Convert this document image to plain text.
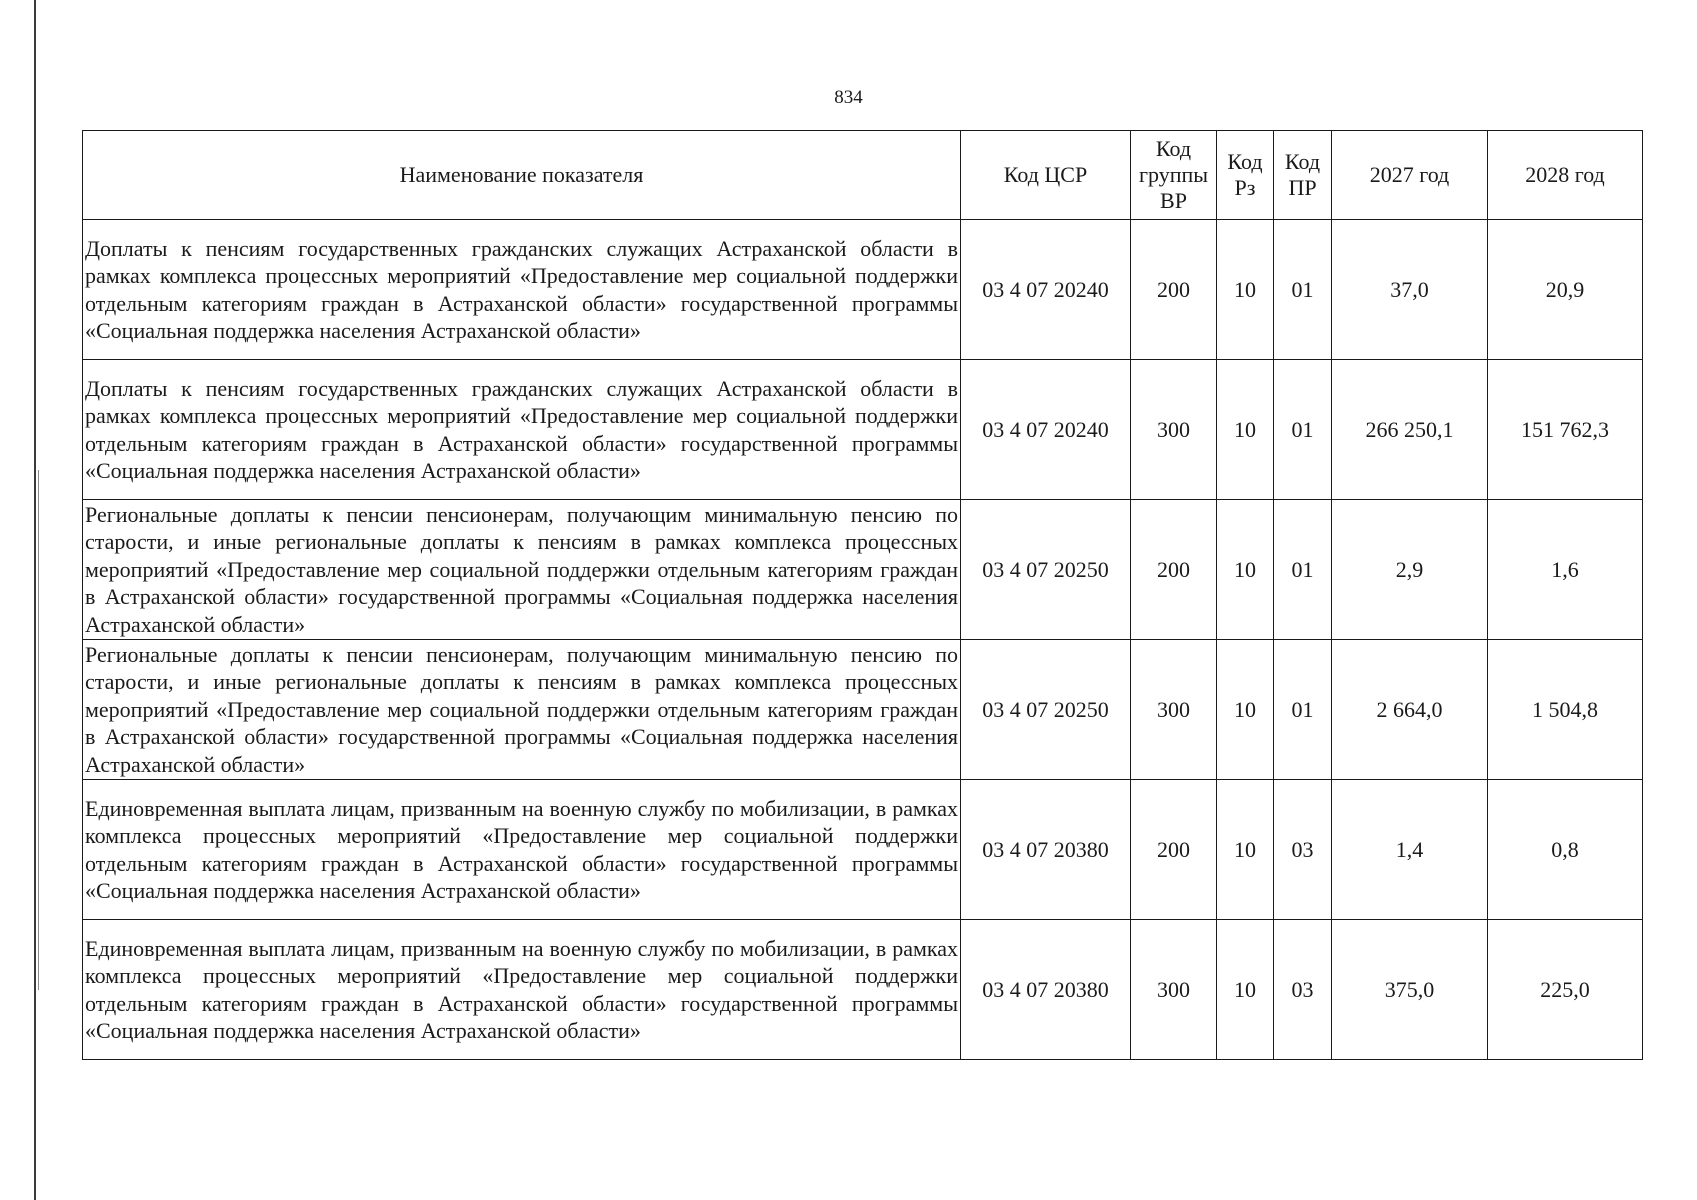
834
Наименование показателя	Код ЦСР	Код группы ВР	Код Рз	Код ПР	2027 год	2028 год
Доплаты к пенсиям государственных гражданских служащих Астраханской области в рамках комплекса процессных мероприятий «Предоставление мер социальной поддержки отдельным категориям граждан в Астраханской области» государственной программы «Социальная поддержка населения Астраханской области»	03 4 07 20240	200	10	01	37,0	20,9
Доплаты к пенсиям государственных гражданских служащих Астраханской области в рамках комплекса процессных мероприятий «Предоставление мер социальной поддержки отдельным категориям граждан в Астраханской области» государственной программы «Социальная поддержка населения Астраханской области»	03 4 07 20240	300	10	01	266 250,1	151 762,3
Региональные доплаты к пенсии пенсионерам, получающим минимальную пенсию по старости, и иные региональные доплаты к пенсиям в рамках комплекса процессных мероприятий «Предоставление мер социальной поддержки отдельным категориям граждан в Астраханской области» государственной программы «Социальная поддержка населения Астраханской области»	03 4 07 20250	200	10	01	2,9	1,6
Региональные доплаты к пенсии пенсионерам, получающим минимальную пенсию по старости, и иные региональные доплаты к пенсиям в рамках комплекса процессных мероприятий «Предоставление мер социальной поддержки отдельным категориям граждан в Астраханской области» государственной программы «Социальная поддержка населения Астраханской области»	03 4 07 20250	300	10	01	2 664,0	1 504,8
Единовременная выплата лицам, призванным на военную службу по мобилизации, в рамках комплекса процессных мероприятий «Предоставление мер социальной поддержки отдельным категориям граждан в Астраханской области» государственной программы «Социальная поддержка населения Астраханской области»	03 4 07 20380	200	10	03	1,4	0,8
Единовременная выплата лицам, призванным на военную службу по мобилизации, в рамках комплекса процессных мероприятий «Предоставление мер социальной поддержки отдельным категориям граждан в Астраханской области» государственной программы «Социальная поддержка населения Астраханской области»	03 4 07 20380	300	10	03	375,0	225,0
